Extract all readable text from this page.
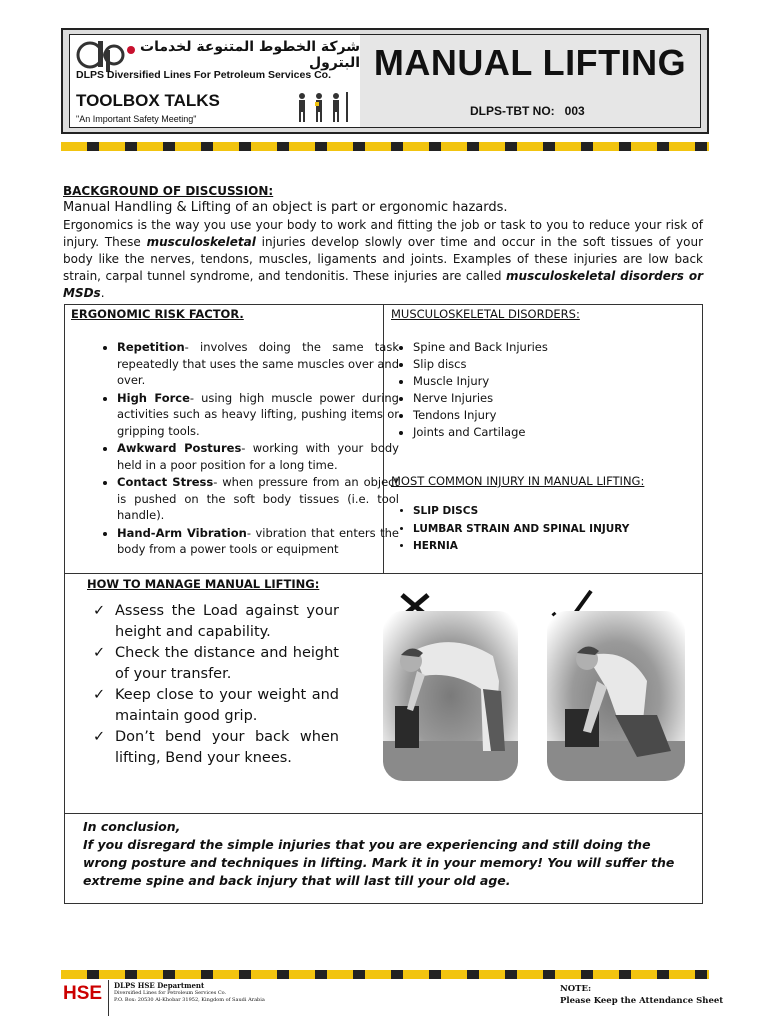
شركة الخطوط المتنوعة لخدمات البترول
DLPS Diversified Lines For Petroleum Services Co.	MANUAL LIFTING
TOOLBOX TALKS
"An Important Safety Meeting"
DLPS-TBT NO: 003
BACKGROUND OF DISCUSSION:
Manual Handling & Lifting of an object is part or ergonomic hazards.
Ergonomics is the way you use your body to work and fitting the job or task to you to reduce your risk of injury. These musculoskeletal injuries develop slowly over time and occur in the soft tissues of your body like the nerves, tendons, muscles, ligaments and joints. Examples of these injuries are low back strain, carpal tunnel syndrome, and tendonitis. These injuries are called musculoskeletal disorders or MSDs.
ERGONOMIC RISK FACTOR.
• Repetition- involves doing the same task repeatedly that uses the same muscles over and over.
• High Force- using high muscle power during activities such as heavy lifting, pushing items or gripping tools.
• Awkward Postures- working with your body held in a poor position for a long time.
• Contact Stress- when pressure from an object is pushed on the soft body tissues (i.e. tool handle).
• Hand-Arm Vibration- vibration that enters the body from a power tools or equipment
MUSCULOSKELETAL DISORDERS:
• Spine and Back Injuries
• Slip discs
• Muscle Injury
• Nerve Injuries
• Tendons Injury
• Joints and Cartilage
MOST COMMON INJURY IN MANUAL LIFTING:
• SLIP DISCS
• LUMBAR STRAIN AND SPINAL INJURY
• HERNIA
HOW TO MANAGE MANUAL LIFTING:
✓ Assess the Load against your height and capability.
✓ Check the distance and height of your transfer.
✓ Keep close to your weight and maintain good grip.
✓ Don’t bend your back when lifting, Bend your knees.
In conclusion,
If you disregard the simple injuries that you are experiencing and still doing the wrong posture and techniques in lifting. Mark it in your memory! You will suffer the extreme spine and back injury that will last till your old age.
HSE DLPS HSE Department
Diversified Lines for Petroleum Services Co.
P.O. Box: 20530 Al-Khobar 31952, Kingdom of Saudi Arabia
NOTE:
Please Keep the Attendance Sheet
